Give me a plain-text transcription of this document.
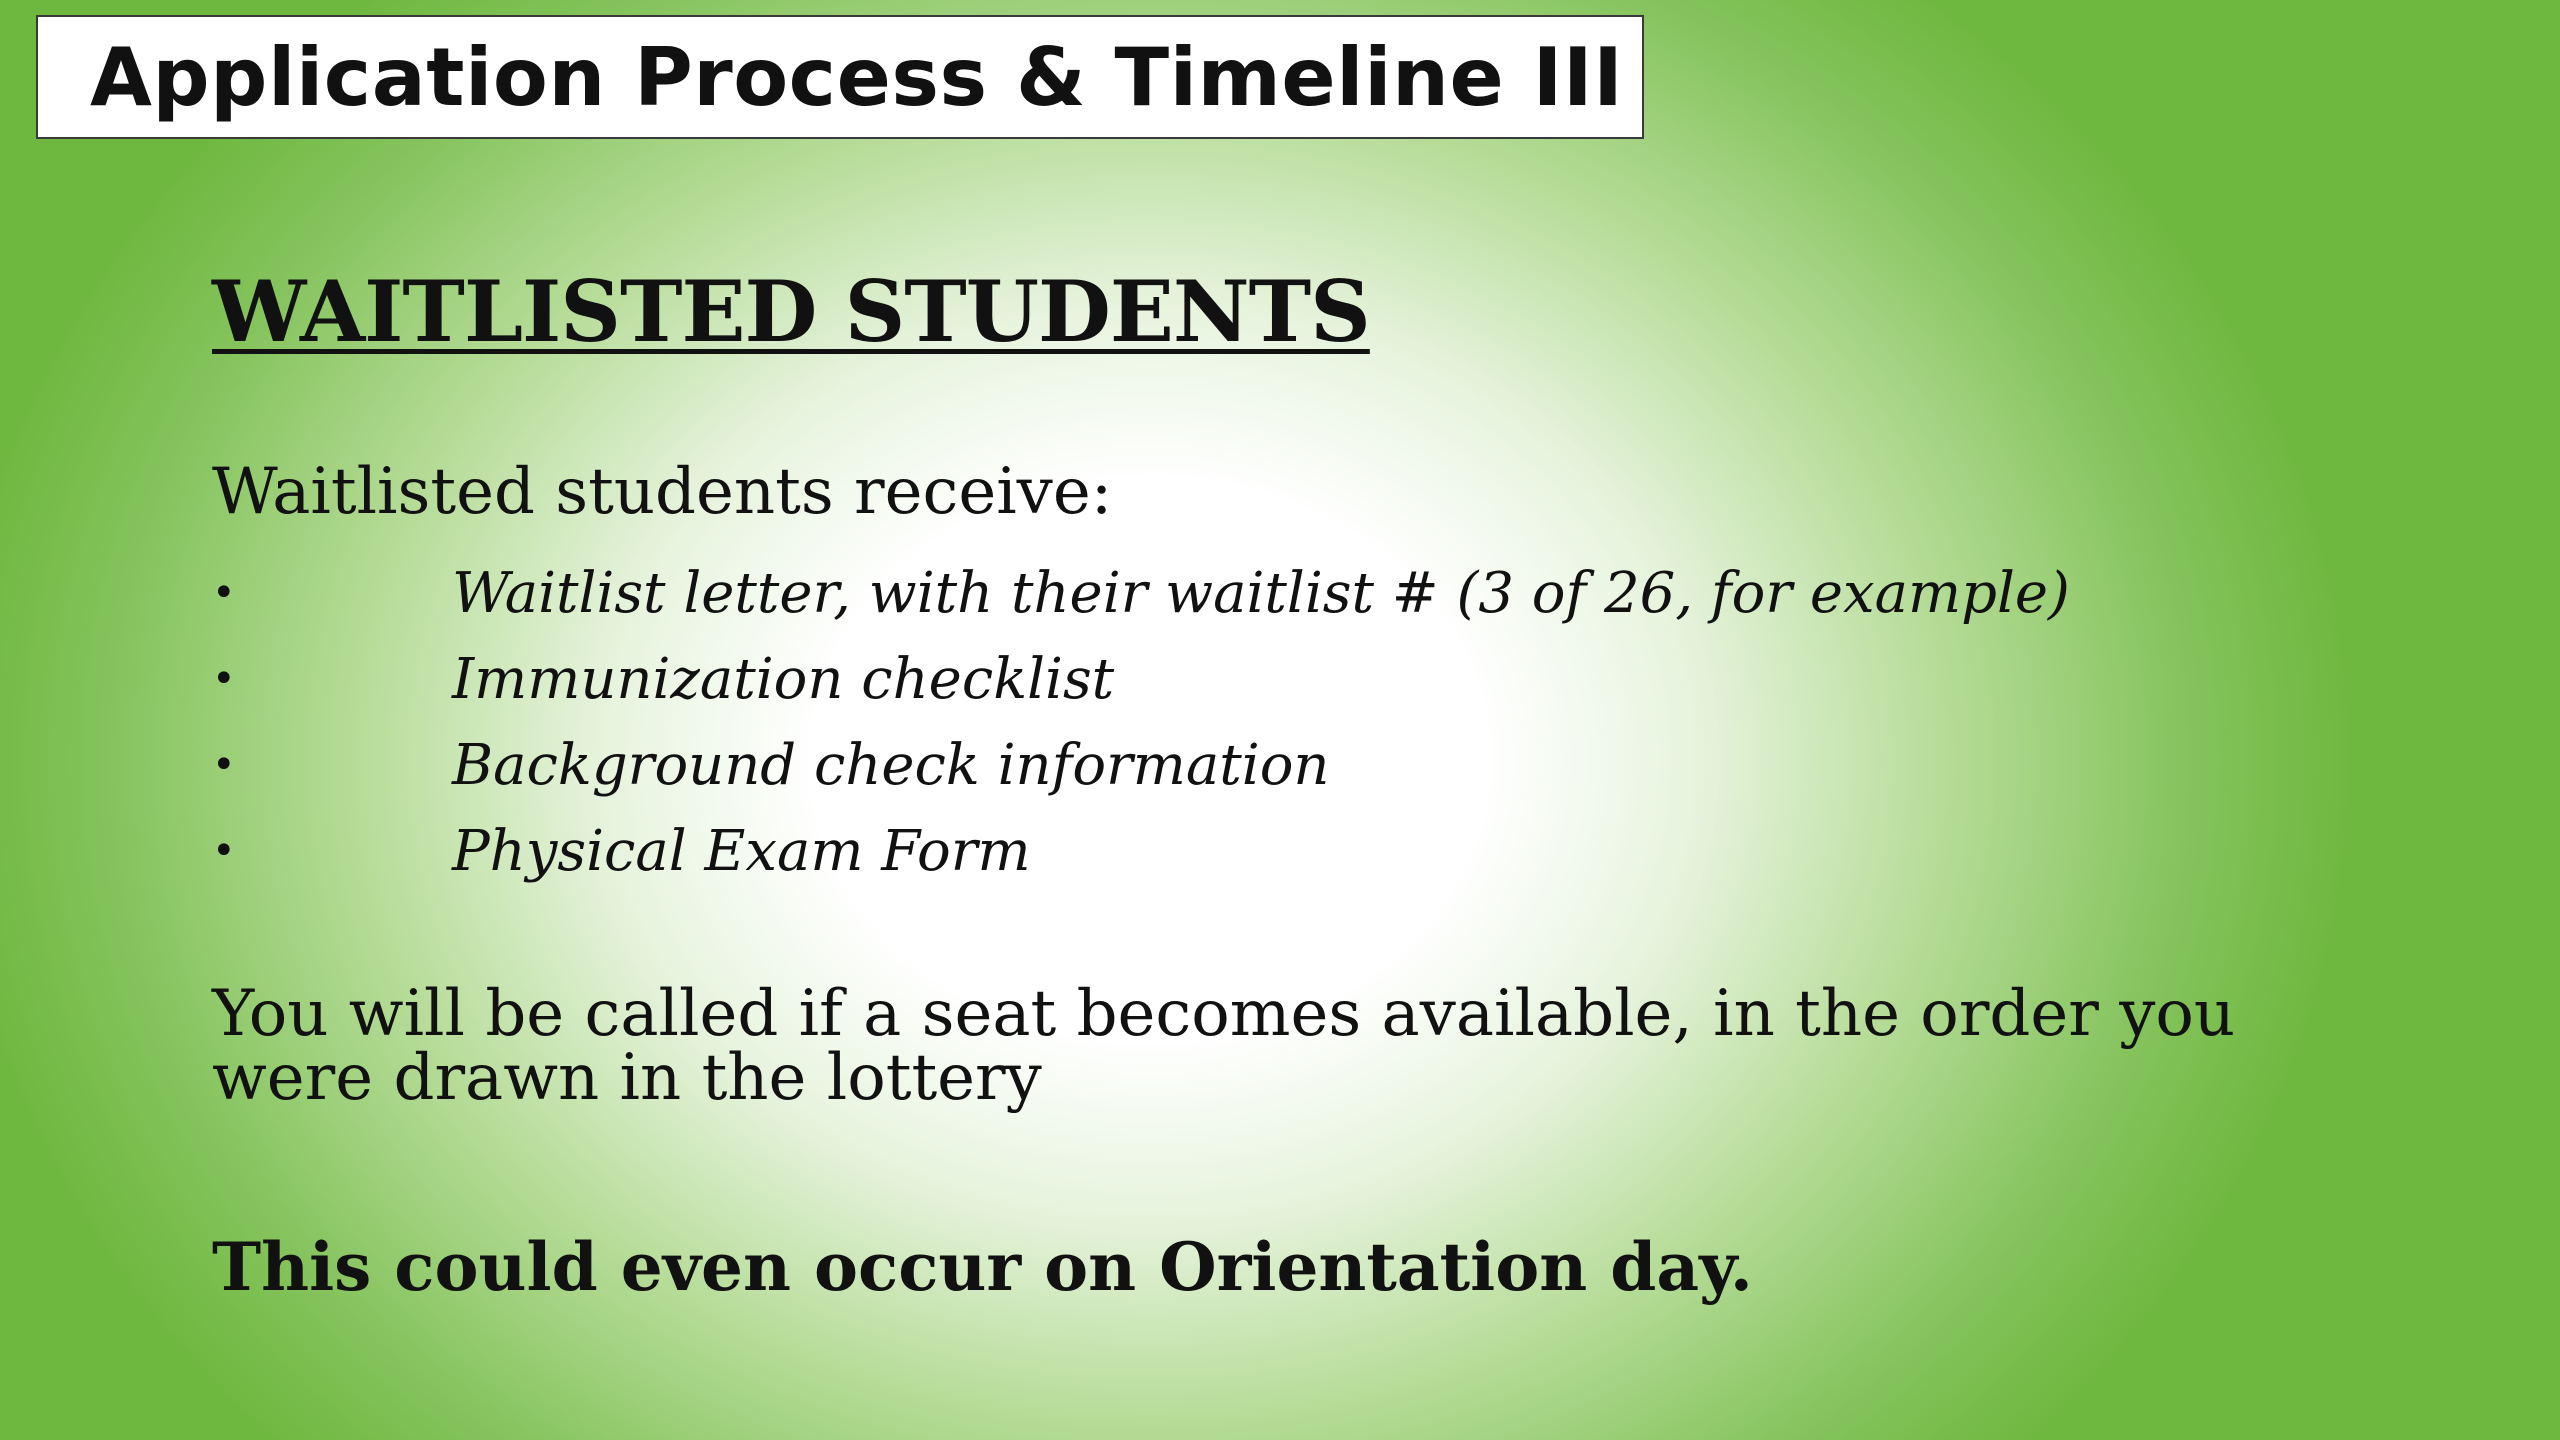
Application Process & Timeline III
WAITLISTED STUDENTS
Waitlisted students receive:
•	Waitlist letter, with their waitlist # (3 of 26, for example)
•	Immunization checklist
•	Background check information
•	Physical Exam Form
You will be called if a seat becomes available, in the order you
were drawn in the lottery
This could even occur on Orientation day.
